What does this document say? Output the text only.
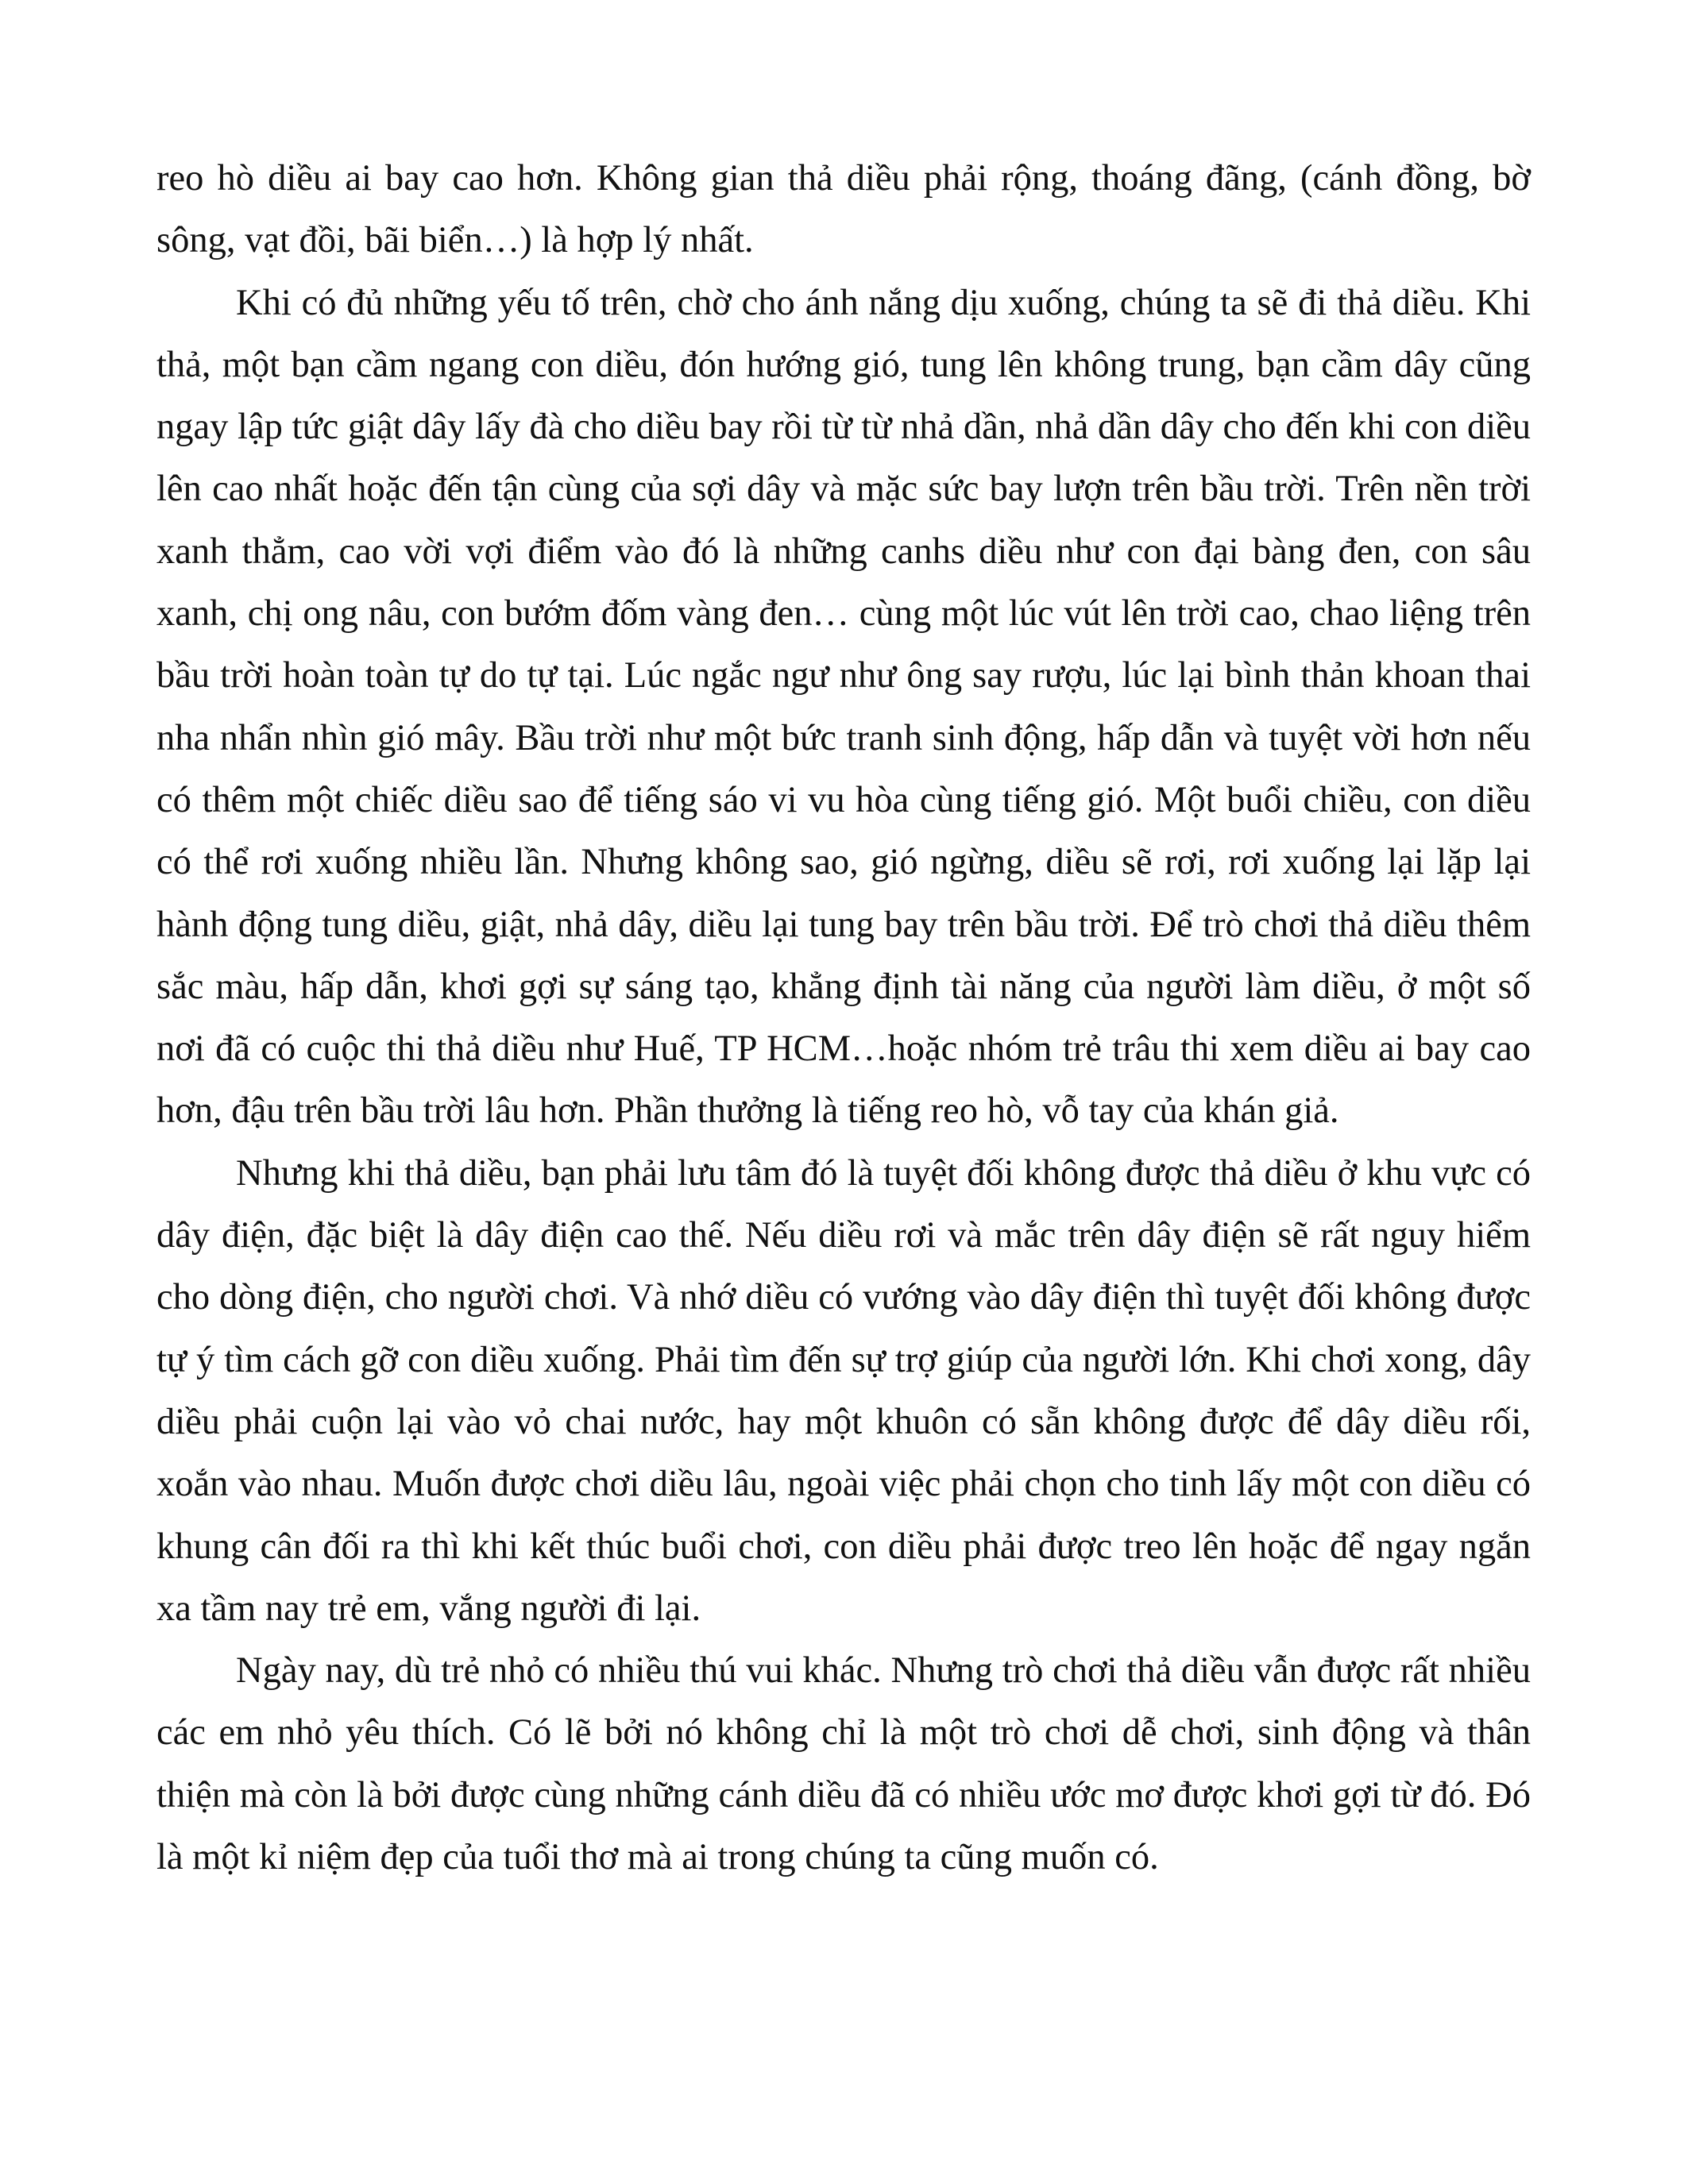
reo hò diều ai bay cao hơn. Không gian thả diều phải rộng, thoáng đãng, (cánh đồng, bờ sông, vạt đồi, bãi biển…) là hợp lý nhất.

Khi có đủ những yếu tố trên, chờ cho ánh nắng dịu xuống, chúng ta sẽ đi thả diều. Khi thả, một bạn cầm ngang con diều, đón hướng gió, tung lên không trung, bạn cầm dây cũng ngay lập tức giật dây lấy đà cho diều bay rồi từ từ nhả dần, nhả dần dây cho đến khi con diều lên cao nhất hoặc đến tận cùng của sợi dây và mặc sức bay lượn trên bầu trời. Trên nền trời xanh thẳm, cao vời vợi điểm vào đó là những canhs diều như con đại bàng đen, con sâu xanh, chị ong nâu, con bướm đốm vàng đen… cùng một lúc vút lên trời cao, chao liệng trên bầu trời hoàn toàn tự do tự tại. Lúc ngắc ngư như ông say rượu, lúc lại bình thản khoan thai nha nhẩn nhìn gió mây. Bầu trời như một bức tranh sinh động, hấp dẫn và tuyệt vời hơn nếu có thêm một chiếc diều sao để tiếng sáo vi vu hòa cùng tiếng gió. Một buổi chiều, con diều có thể rơi xuống nhiều lần. Nhưng không sao, gió ngừng, diều sẽ rơi, rơi xuống lại lặp lại hành động tung diều, giật, nhả dây, diều lại tung bay trên bầu trời. Để trò chơi thả diều thêm sắc màu, hấp dẫn, khơi gợi sự sáng tạo, khẳng định tài năng của người làm diều, ở một số nơi đã có cuộc thi thả diều như Huế, TP HCM…hoặc nhóm trẻ trâu thi xem diều ai bay cao hơn, đậu trên bầu trời lâu hơn. Phần thưởng là tiếng reo hò, vỗ tay của khán giả.

Nhưng khi thả diều, bạn phải lưu tâm đó là tuyệt đối không được thả diều ở khu vực có dây điện, đặc biệt là dây điện cao thế. Nếu diều rơi và mắc trên dây điện sẽ rất nguy hiểm cho dòng điện, cho người chơi. Và nhớ diều có vướng vào dây điện thì tuyệt đối không được tự ý tìm cách gỡ con diều xuống. Phải tìm đến sự trợ giúp của người lớn. Khi chơi xong, dây diều phải cuộn lại vào vỏ chai nước, hay một khuôn có sẵn không được để dây diều rối, xoắn vào nhau. Muốn được chơi diều lâu, ngoài việc phải chọn cho tinh lấy một con diều có khung cân đối ra thì khi kết thúc buổi chơi, con diều phải được treo lên hoặc để ngay ngắn xa tầm nay trẻ em, vắng người đi lại.

Ngày nay, dù trẻ nhỏ có nhiều thú vui khác. Nhưng trò chơi thả diều vẫn được rất nhiều các em nhỏ yêu thích. Có lẽ bởi nó không chỉ là một trò chơi dễ chơi, sinh động và thân thiện mà còn là bởi được cùng những cánh diều đã có nhiều ước mơ được khơi gợi từ đó. Đó là một kỉ niệm đẹp của tuổi thơ mà ai trong chúng ta cũng muốn có.
